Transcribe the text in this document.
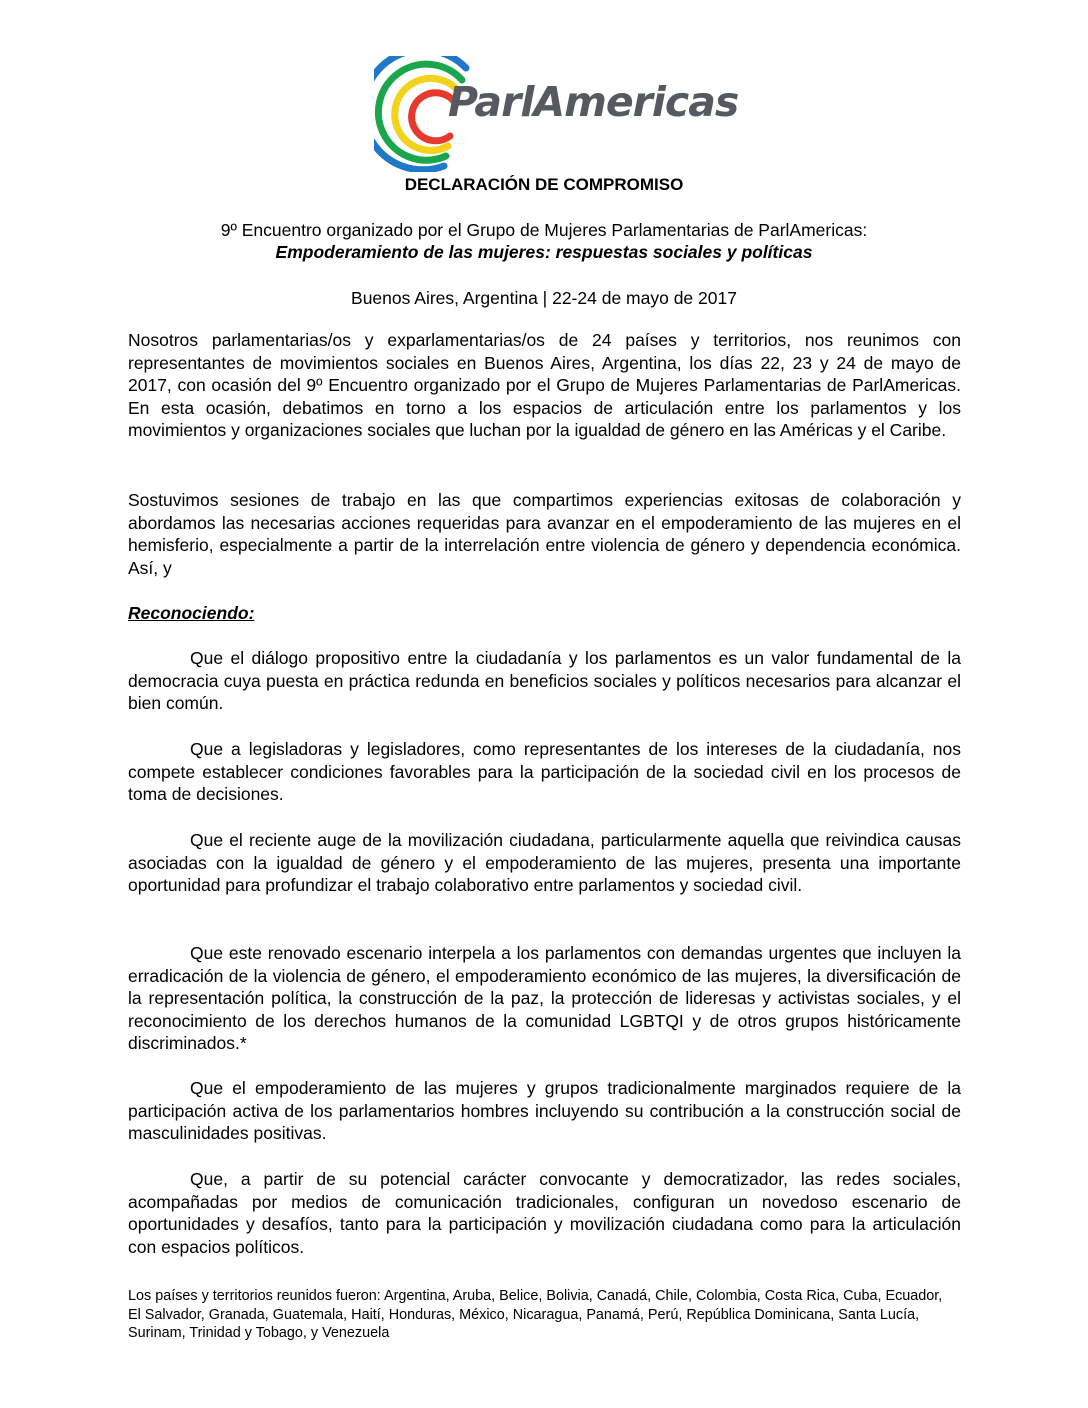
ParlAmericas
DECLARACIÓN DE COMPROMISO
9º Encuentro organizado por el Grupo de Mujeres Parlamentarias de ParlAmericas:
Empoderamiento de las mujeres: respuestas sociales y políticas
Buenos Aires, Argentina | 22-24 de mayo de 2017

Nosotros parlamentarias/os y exparlamentarias/os de 24 países y territorios, nos reunimos con representantes de movimientos sociales en Buenos Aires, Argentina, los días 22, 23 y 24 de mayo de 2017, con ocasión del 9º Encuentro organizado por el Grupo de Mujeres Parlamentarias de ParlAmericas. En esta ocasión, debatimos en torno a los espacios de articulación entre los parlamentos y los movimientos y organizaciones sociales que luchan por la igualdad de género en las Américas y el Caribe.

Sostuvimos sesiones de trabajo en las que compartimos experiencias exitosas de colaboración y abordamos las necesarias acciones requeridas para avanzar en el empoderamiento de las mujeres en el hemisferio, especialmente a partir de la interrelación entre violencia de género y dependencia económica. Así, y

Reconociendo:

Que el diálogo propositivo entre la ciudadanía y los parlamentos es un valor fundamental de la democracia cuya puesta en práctica redunda en beneficios sociales y políticos necesarios para alcanzar el bien común.

Que a legisladoras y legisladores, como representantes de los intereses de la ciudadanía, nos compete establecer condiciones favorables para la participación de la sociedad civil en los procesos de toma de decisiones.

Que el reciente auge de la movilización ciudadana, particularmente aquella que reivindica causas asociadas con la igualdad de género y el empoderamiento de las mujeres, presenta una importante oportunidad para profundizar el trabajo colaborativo entre parlamentos y sociedad civil.

Que este renovado escenario interpela a los parlamentos con demandas urgentes que incluyen la erradicación de la violencia de género, el empoderamiento económico de las mujeres, la diversificación de la representación política, la construcción de la paz, la protección de lideresas y activistas sociales, y el reconocimiento de los derechos humanos de la comunidad LGBTQI y de otros grupos históricamente discriminados.*

Que el empoderamiento de las mujeres y grupos tradicionalmente marginados requiere de la participación activa de los parlamentarios hombres incluyendo su contribución a la construcción social de masculinidades positivas.

Que, a partir de su potencial carácter convocante y democratizador, las redes sociales, acompañadas por medios de comunicación tradicionales, configuran un novedoso escenario de oportunidades y desafíos, tanto para la participación y movilización ciudadana como para la articulación con espacios políticos.

Los países y territorios reunidos fueron: Argentina, Aruba, Belice, Bolivia, Canadá, Chile, Colombia, Costa Rica, Cuba, Ecuador, El Salvador, Granada, Guatemala, Haití, Honduras, México, Nicaragua, Panamá, Perú, República Dominicana, Santa Lucía, Surinam, Trinidad y Tobago, y Venezuela
